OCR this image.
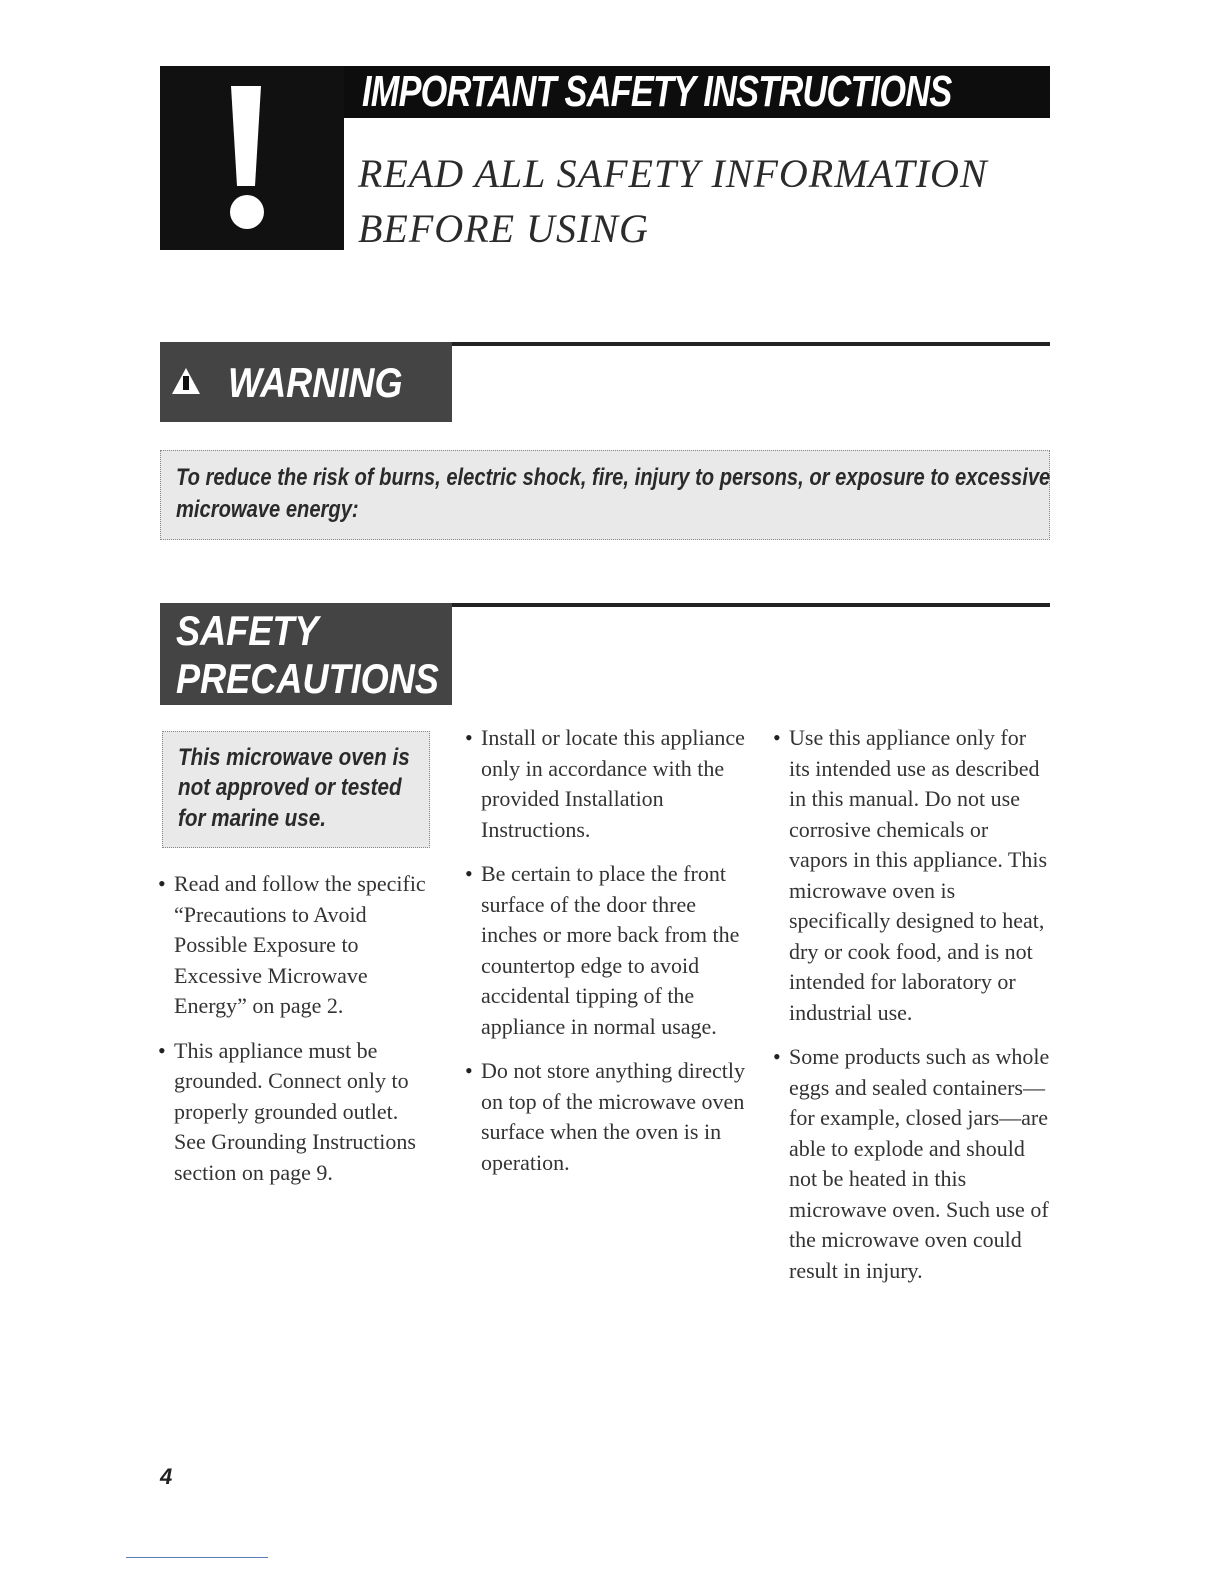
IMPORTANT SAFETY INSTRUCTIONS
READ ALL SAFETY INFORMATION
BEFORE USING
WARNING
To reduce the risk of burns, electric shock, fire, injury to persons, or exposure to excessive
microwave energy:
SAFETY
PRECAUTIONS
This microwave oven is
not approved or tested
for marine use.

• Read and follow the specific “Precautions to Avoid Possible Exposure to Excessive Microwave Energy” on page 2.

• This appliance must be grounded. Connect only to properly grounded outlet. See Grounding Instructions section on page 9.

• Install or locate this appliance only in accordance with the provided Installation Instructions.

• Be certain to place the front surface of the door three inches or more back from the countertop edge to avoid accidental tipping of the appliance in normal usage.

• Do not store anything directly on top of the microwave oven surface when the oven is in operation.

• Use this appliance only for its intended use as described in this manual. Do not use corrosive chemicals or vapors in this appliance. This microwave oven is specifically designed to heat, dry or cook food, and is not intended for laboratory or industrial use.

• Some products such as whole eggs and sealed containers—for example, closed jars—are able to explode and should not be heated in this microwave oven. Such use of the microwave oven could result in injury.

4
